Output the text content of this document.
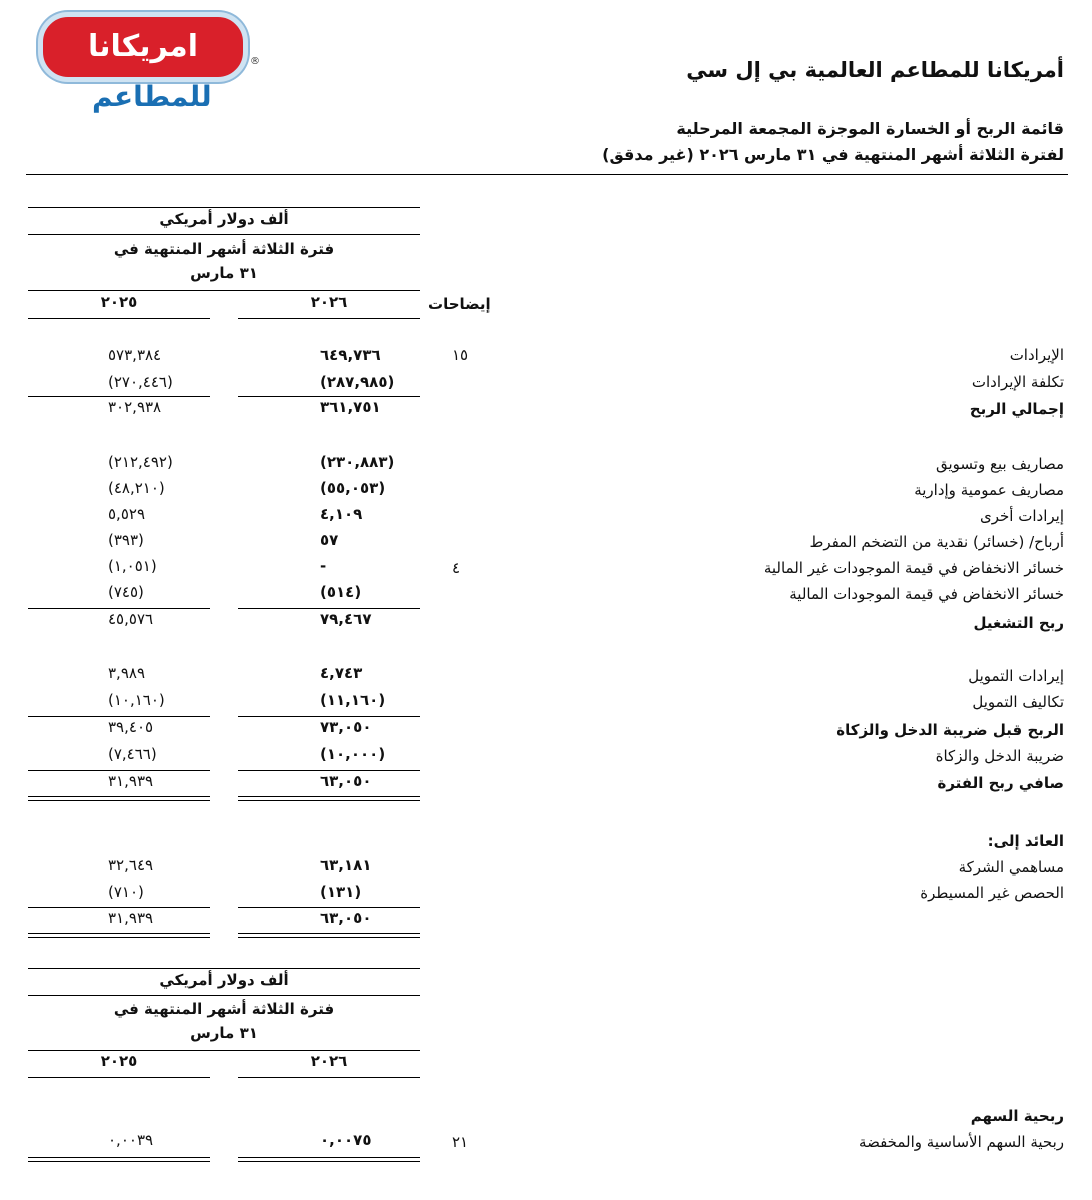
امريكانا
للمطاعم
®	أمريكانا للمطاعم العالمية بي إل سي
قائمة الربح أو الخسارة الموجزة المجمعة المرحلية
لفترة الثلاثة أشهر المنتهية في ٣١ مارس ٢٠٢٦ (غير مدقق)
ألف دولار أمريكي
فترة الثلاثة أشهر المنتهية في
٣١ مارس
٢٠٢٦
٢٠٢٥	إيضاحات
الإيرادات
١٥
٦٤٩,٧٣٦
٥٧٣,٣٨٤
تكلفة الإيرادات
(٢٨٧,٩٨٥)
(٢٧٠,٤٤٦)
إجمالي الربح
٣٦١,٧٥١
٣٠٢,٩٣٨
مصاريف بيع وتسويق
(٢٣٠,٨٨٣)
(٢١٢,٤٩٢)
مصاريف عمومية وإدارية
(٥٥,٠٥٣)
(٤٨,٢١٠)
إيرادات أخرى
٤,١٠٩
٥,٥٢٩
أرباح/ (خسائر) نقدية من التضخم المفرط
٥٧
(٣٩٣)
خسائر الانخفاض في قيمة الموجودات غير المالية
٤
-
(١,٠٥١)
خسائر الانخفاض في قيمة الموجودات المالية
(٥١٤)
(٧٤٥)
ربح التشغيل
٧٩,٤٦٧
٤٥,٥٧٦
إيرادات التمويل
٤,٧٤٣
٣,٩٨٩
تكاليف التمويل
(١١,١٦٠)
(١٠,١٦٠)
الربح قبل ضريبة الدخل والزكاة
٧٣,٠٥٠
٣٩,٤٠٥
ضريبة الدخل والزكاة
(١٠,٠٠٠)
(٧,٤٦٦)
صافي ربح الفترة
٦٣,٠٥٠
٣١,٩٣٩
العائد إلى:
مساهمي الشركة
٦٣,١٨١
٣٢,٦٤٩
الحصص غير المسيطرة
(١٣١)
(٧١٠)
٦٣,٠٥٠
٣١,٩٣٩
ألف دولار أمريكي
فترة الثلاثة أشهر المنتهية في
٣١ مارس
٢٠٢٦
٢٠٢٥
ربحية السهم
ربحية السهم الأساسية والمخفضة
٢١
٠,٠٠٧٥
٠,٠٠٣٩
